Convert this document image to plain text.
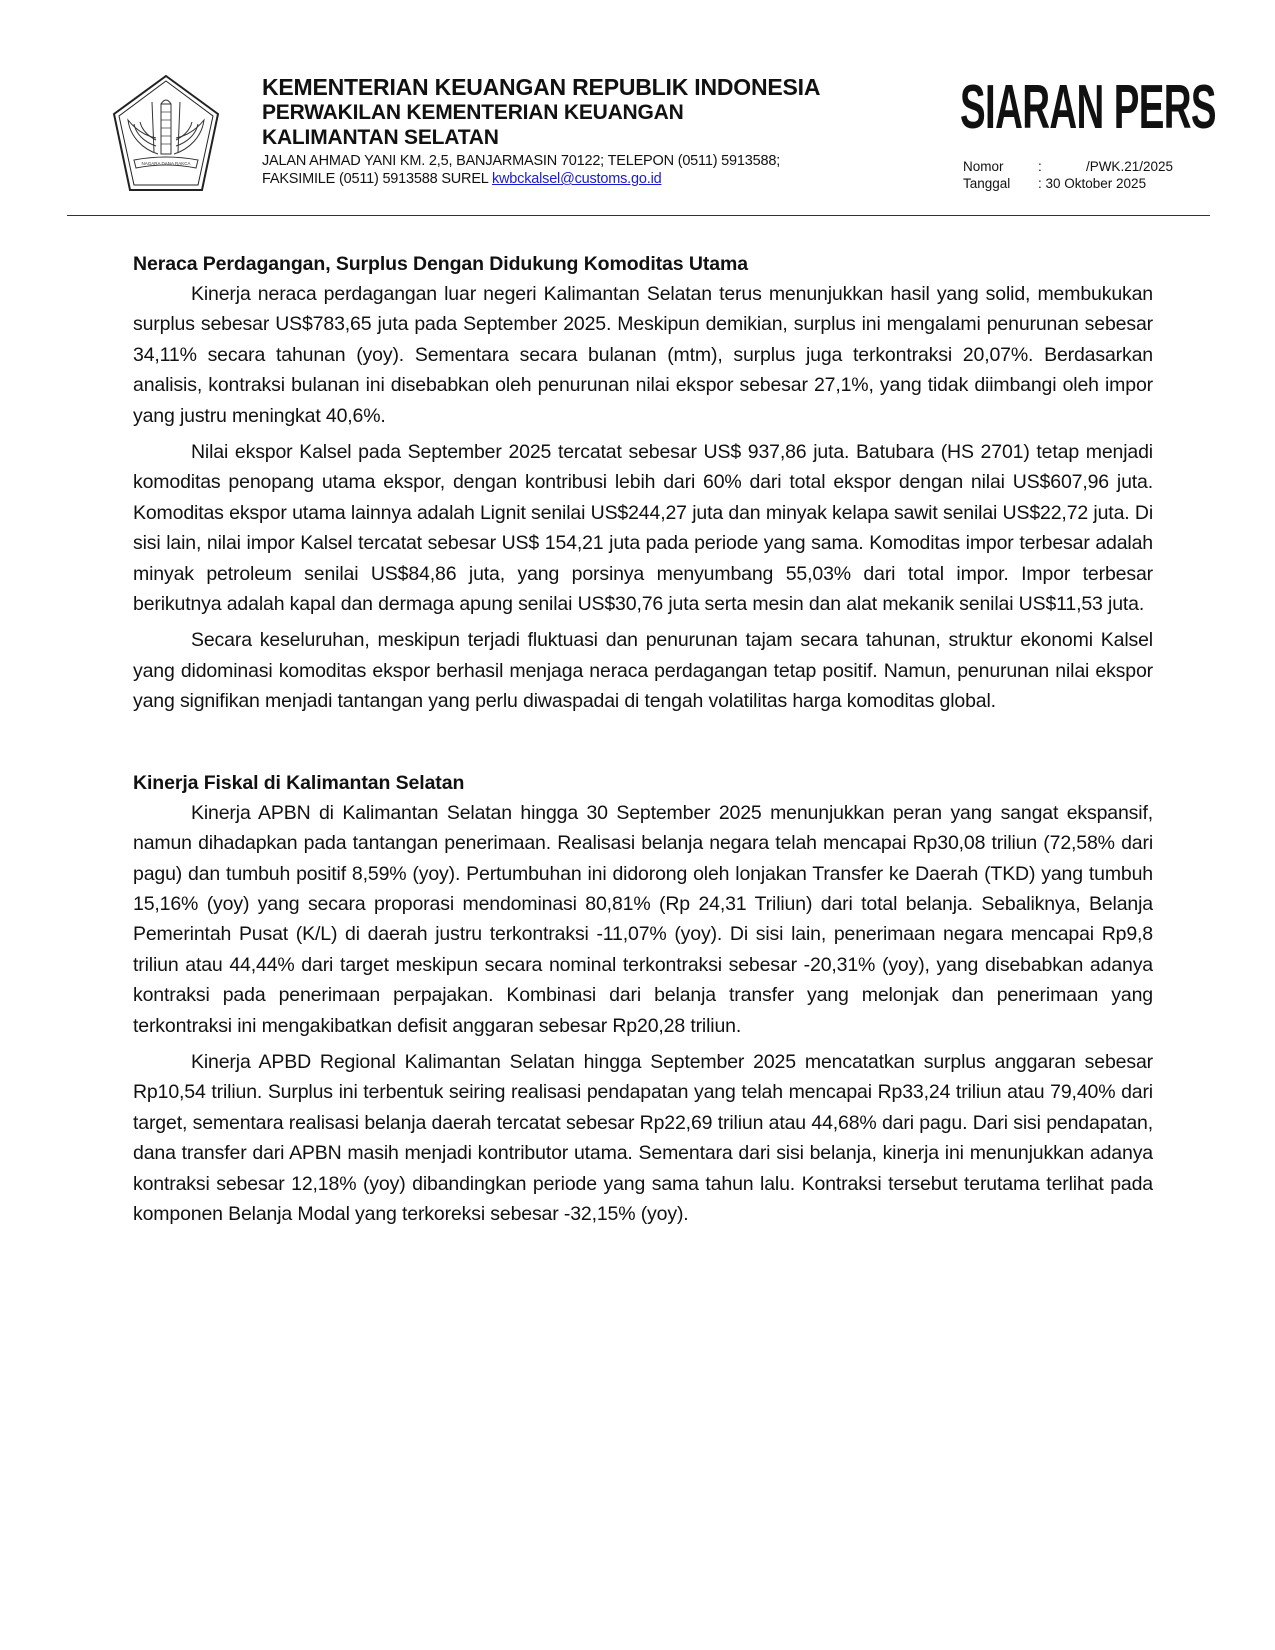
NAGARA DANA RAKCA
KEMENTERIAN KEUANGAN REPUBLIK INDONESIA
PERWAKILAN KEMENTERIAN KEUANGAN
KALIMANTAN SELATAN
JALAN AHMAD YANI KM. 2,5, BANJARMASIN 70122; TELEPON (0511) 5913588;
FAKSIMILE (0511) 5913588 SUREL kwbckalsel@customs.go.id
SIARAN PERS
Nomor	:	/PWK.21/2025
Tanggal	: 30 Oktober 2025
Neraca Perdagangan, Surplus Dengan Didukung Komoditas Utama

Kinerja neraca perdagangan luar negeri Kalimantan Selatan terus menunjukkan hasil yang solid, membukukan surplus sebesar US$783,65 juta pada September 2025. Meskipun demikian, surplus ini mengalami penurunan sebesar 34,11% secara tahunan (yoy). Sementara secara bulanan (mtm), surplus juga terkontraksi 20,07%. Berdasarkan analisis, kontraksi bulanan ini disebabkan oleh penurunan nilai ekspor sebesar 27,1%, yang tidak diimbangi oleh impor yang justru meningkat 40,6%.

Nilai ekspor Kalsel pada September 2025 tercatat sebesar US$ 937,86 juta. Batubara (HS 2701) tetap menjadi komoditas penopang utama ekspor, dengan kontribusi lebih dari 60% dari total ekspor dengan nilai US$607,96 juta. Komoditas ekspor utama lainnya adalah Lignit senilai US$244,27 juta dan minyak kelapa sawit senilai US$22,72 juta. Di sisi lain, nilai impor Kalsel tercatat sebesar US$ 154,21 juta pada periode yang sama. Komoditas impor terbesar adalah minyak petroleum senilai US$84,86 juta, yang porsinya menyumbang 55,03% dari total impor. Impor terbesar berikutnya adalah kapal dan dermaga apung senilai US$30,76 juta serta mesin dan alat mekanik senilai US$11,53 juta.

Secara keseluruhan, meskipun terjadi fluktuasi dan penurunan tajam secara tahunan, struktur ekonomi Kalsel yang didominasi komoditas ekspor berhasil menjaga neraca perdagangan tetap positif. Namun, penurunan nilai ekspor yang signifikan menjadi tantangan yang perlu diwaspadai di tengah volatilitas harga komoditas global.

Kinerja Fiskal di Kalimantan Selatan

Kinerja APBN di Kalimantan Selatan hingga 30 September 2025 menunjukkan peran yang sangat ekspansif, namun dihadapkan pada tantangan penerimaan. Realisasi belanja negara telah mencapai Rp30,08 triliun (72,58% dari pagu) dan tumbuh positif 8,59% (yoy). Pertumbuhan ini didorong oleh lonjakan Transfer ke Daerah (TKD) yang tumbuh 15,16% (yoy) yang secara proporasi mendominasi 80,81% (Rp 24,31 Triliun) dari total belanja. Sebaliknya, Belanja Pemerintah Pusat (K/L) di daerah justru terkontraksi -11,07% (yoy). Di sisi lain, penerimaan negara mencapai Rp9,8 triliun atau 44,44% dari target meskipun secara nominal terkontraksi sebesar -20,31% (yoy), yang disebabkan adanya kontraksi pada penerimaan perpajakan. Kombinasi dari belanja transfer yang melonjak dan penerimaan yang terkontraksi ini mengakibatkan defisit anggaran sebesar Rp20,28 triliun.

Kinerja APBD Regional Kalimantan Selatan hingga September 2025 mencatatkan surplus anggaran sebesar Rp10,54 triliun. Surplus ini terbentuk seiring realisasi pendapatan yang telah mencapai Rp33,24 triliun atau 79,40% dari target, sementara realisasi belanja daerah tercatat sebesar Rp22,69 triliun atau 44,68% dari pagu. Dari sisi pendapatan, dana transfer dari APBN masih menjadi kontributor utama. Sementara dari sisi belanja, kinerja ini menunjukkan adanya kontraksi sebesar 12,18% (yoy) dibandingkan periode yang sama tahun lalu. Kontraksi tersebut terutama terlihat pada komponen Belanja Modal yang terkoreksi sebesar -32,15% (yoy).
